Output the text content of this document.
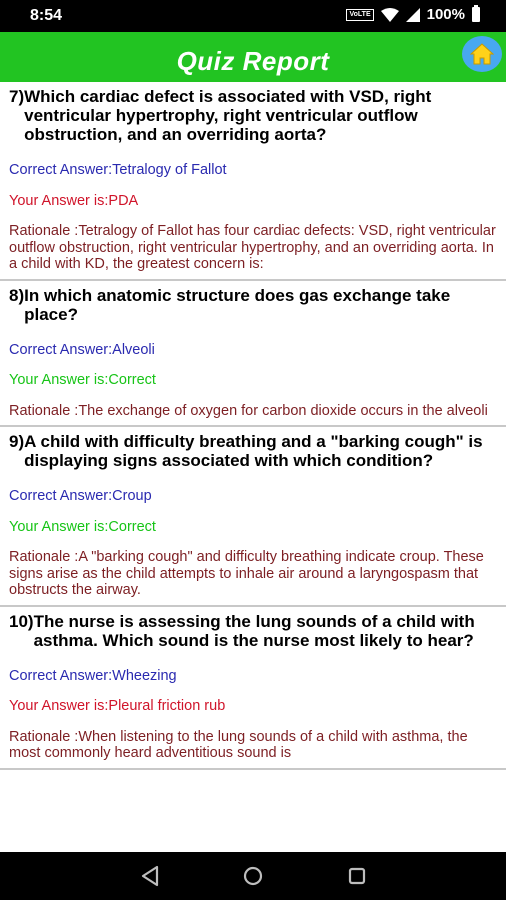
8:54	VoLTE	100%
Quiz Report
7) Which cardiac defect is associated with VSD, right ventricular hypertrophy, right ventricular outflow obstruction, and an overriding aorta?
Correct Answer:Tetralogy of Fallot
Your Answer is:PDA
Rationale :Tetralogy of Fallot has four cardiac defects: VSD, right ventricular outflow obstruction, right ventricular hypertrophy, and an overriding aorta. In a child with KD, the greatest concern is:
8) In which anatomic structure does gas exchange take place?
Correct Answer:Alveoli
Your Answer is:Correct
Rationale :The exchange of oxygen for carbon dioxide occurs in the alveoli
9) A child with difficulty breathing and a "barking cough" is displaying signs associated with which condition?
Correct Answer:Croup
Your Answer is:Correct
Rationale :A "barking cough" and difficulty breathing indicate croup. These signs arise as the child attempts to inhale air around a laryngospasm that obstructs the airway.
10) The nurse is assessing the lung sounds of a child with asthma. Which sound is the nurse most likely to hear?
Correct Answer:Wheezing
Your Answer is:Pleural friction rub
Rationale :When listening to the lung sounds of a child with asthma, the most commonly heard adventitious sound is
